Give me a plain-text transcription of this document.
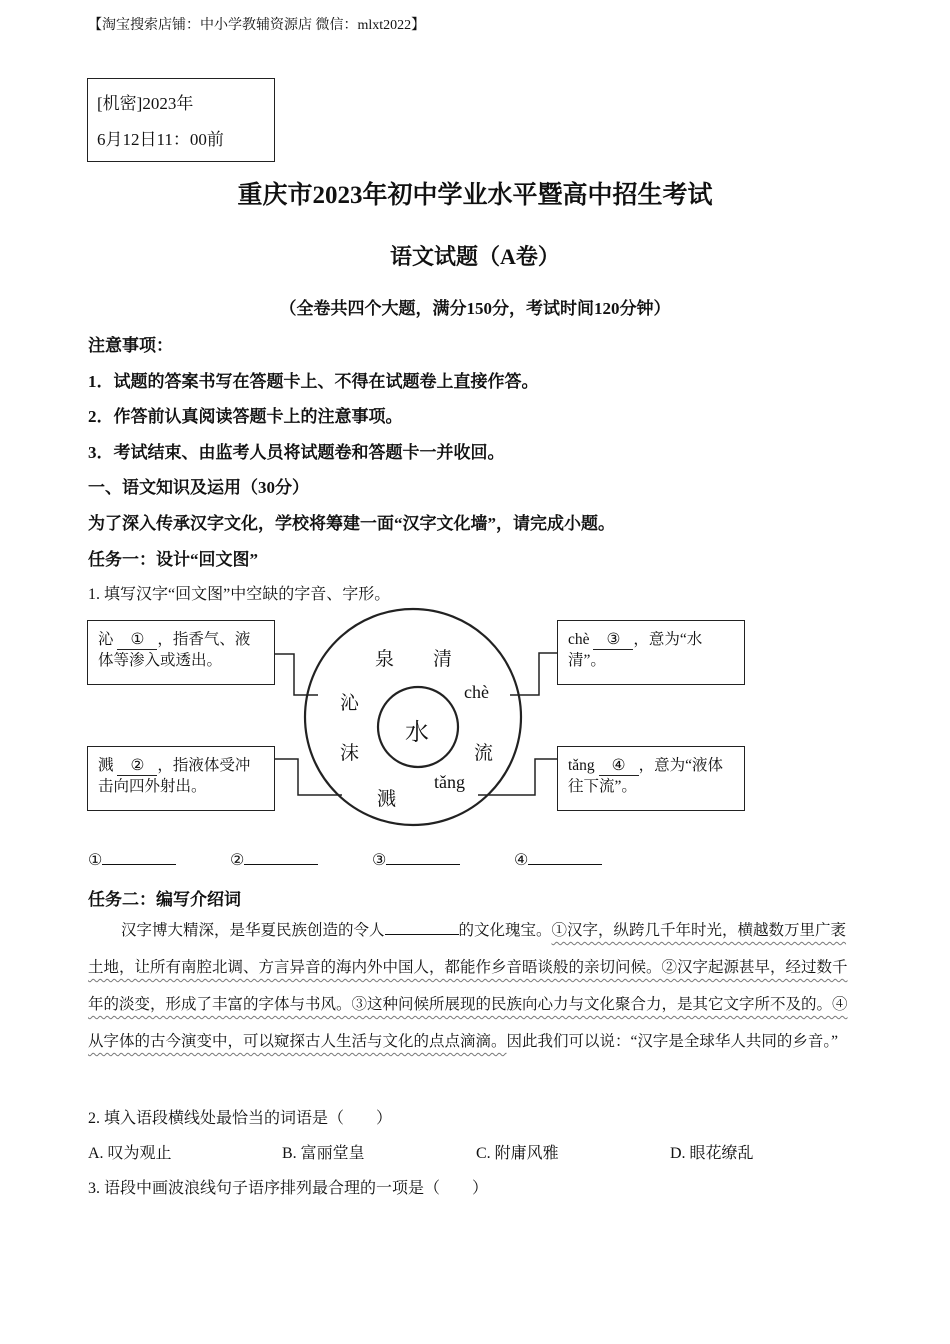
【淘宝搜索店铺：中小学教辅资源店 微信：mlxt2022】
[机密]2023年
6月12日11：00前
重庆市2023年初中学业水平暨高中招生考试
语文试题（A卷）
（全卷共四个大题，满分150分，考试时间120分钟）
注意事项：
1．试题的答案书写在答题卡上、不得在试题卷上直接作答。
2．作答前认真阅读答题卡上的注意事项。
3．考试结束、由监考人员将试题卷和答题卡一并收回。
一、语文知识及运用（30分）
为了深入传承汉字文化，学校将筹建一面“汉字文化墙”，请完成小题。
任务一：设计“回文图”
1. 填写汉字“回文图”中空缺的字音、字形。
水
泉 清
chè
流
tǎng
溅
沫
沁
沁 ① ，指香气、液体等渗入或透出。
溅 ② ，指液体受冲击向四外射出。
chè ③ ，意为“水清”。
tǎng ④ ，意为“液体往下流”。
①	②	③	④
任务二：编写介绍词
汉字博大精深，是华夏民族创造的令人	的文化瑰宝。①汉字，纵跨几千年时光，横越数万里广袤土地，让所有南腔北调、方言异音的海内外中国人，都能作乡音晤谈般的亲切问候。②汉字起源甚早，经过数千年的淡变，形成了丰富的字体与书风。③这种问候所展现的民族向心力与文化聚合力，是其它文字所不及的。④从字体的古今演变中，可以窥探古人生活与文化的点点滴滴。因此我们可以说：“汉字是全球华人共同的乡音。”
2. 填入语段横线处最恰当的词语是（　　）
A. 叹为观止	B. 富丽堂皇	C. 附庸风雅	D. 眼花缭乱
3. 语段中画波浪线句子语序排列最合理的一项是（　　）
